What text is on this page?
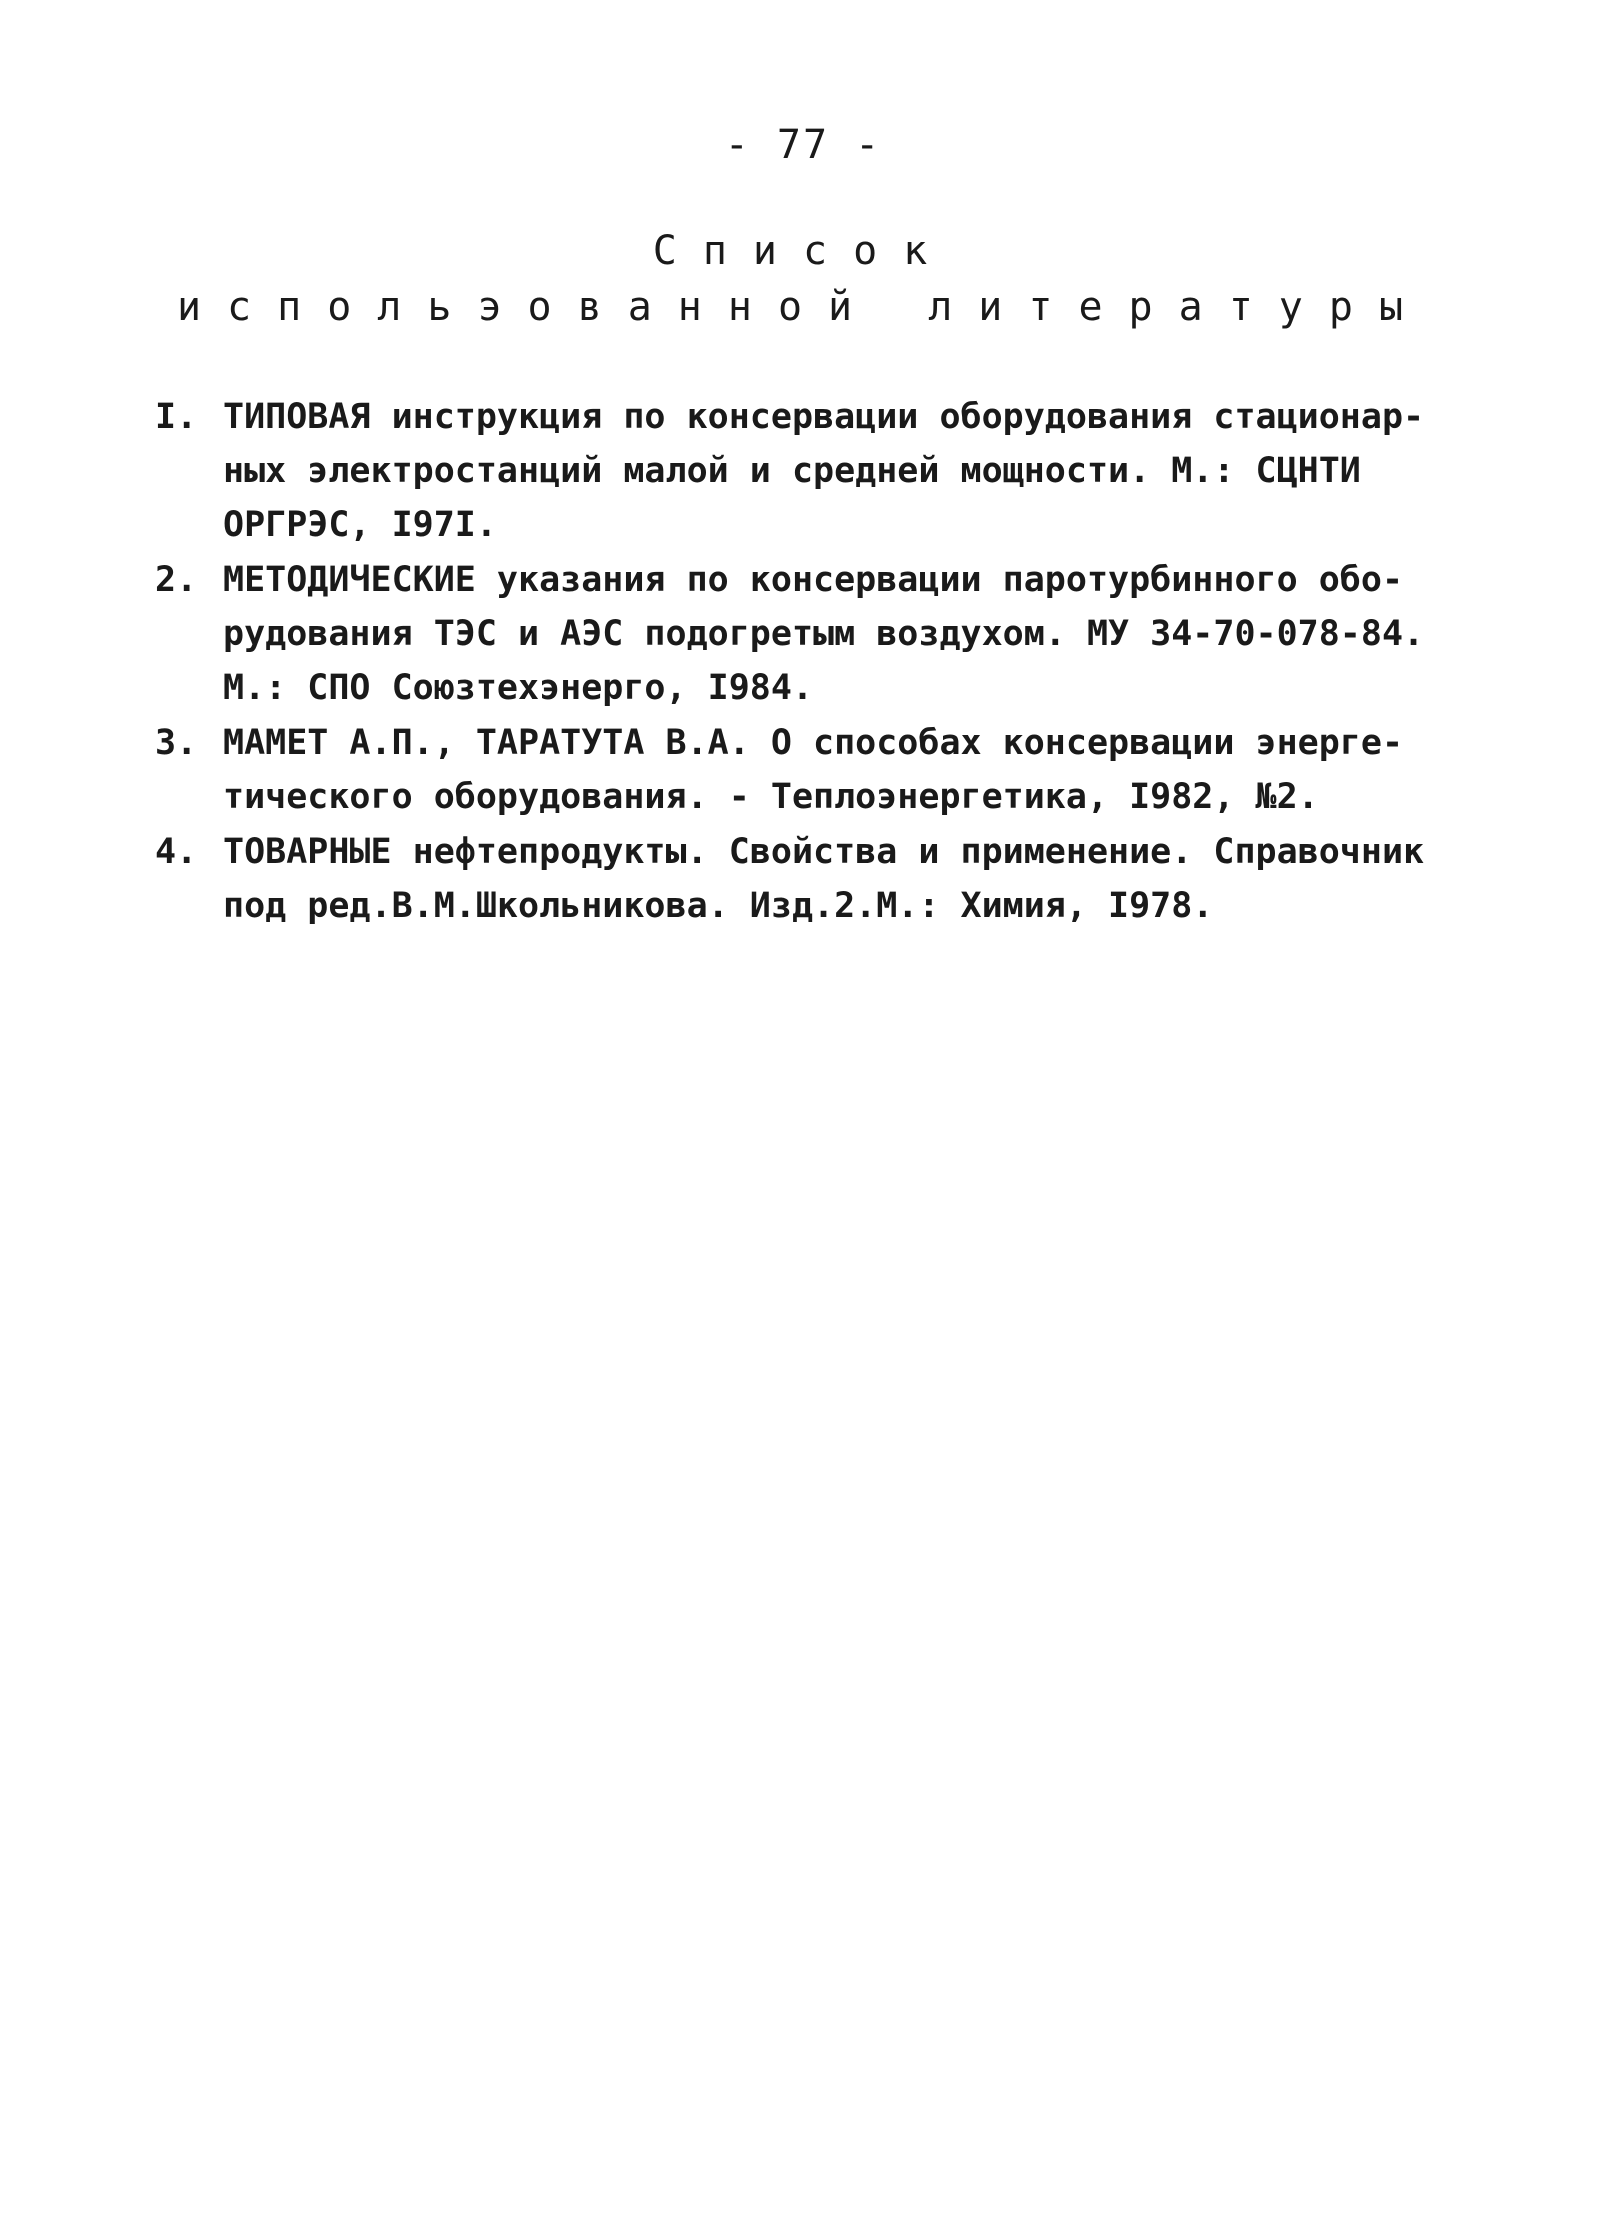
- 77 -
Список
испольэованной литературы
I. ТИПОВАЯ инструкция по консервации оборудования стационар-
ных электростанций малой и средней мощности. М.: СЦНТИ
ОРГРЭС, I97I.
2. МЕТОДИЧЕСКИЕ указания по консервации паротурбинного обо-
рудования ТЭС и АЭС подогретым воздухом. МУ 34-70-078-84.
М.: СПО Союзтехэнерго, I984.
3. МАМЕТ А.П., ТАРАТУТА В.А. О способах консервации энерге-
тического оборудования. - Теплоэнергетика, I982, №2.
4. ТОВАРНЫЕ нефтепродукты. Свойства и применение. Справочник
под ред.В.М.Школьникова. Изд.2.М.: Химия, I978.
